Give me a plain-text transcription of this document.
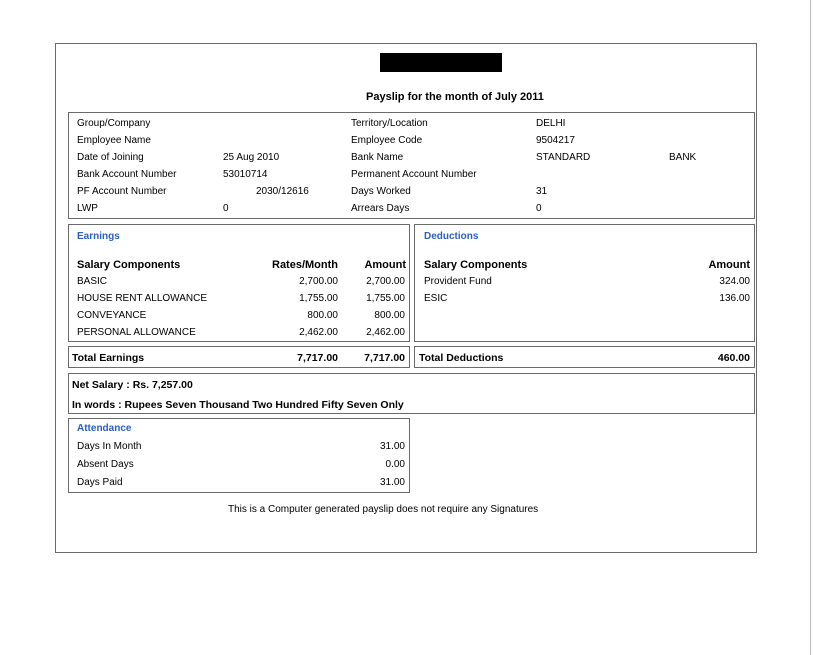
Payslip for the month of July 2011
Group/Company
Employee Name
Date of Joining	25 Aug 2010
Bank Account Number	53010714
PF Account Number	2030/12616
LWP	0
Territory/Location	DELHI
Employee Code	9504217
Bank Name	STANDARD	BANK
Permanent Account Number
Days Worked	31
Arrears Days	0
Earnings
Salary Components	Rates/Month	Amount
BASIC	2,700.00	2,700.00
HOUSE RENT ALLOWANCE	1,755.00	1,755.00
CONVEYANCE	800.00	800.00
PERSONAL ALLOWANCE	2,462.00	2,462.00
Deductions
Salary Components	Amount
Provident Fund	324.00
ESIC	136.00
Total Earnings	7,717.00	7,717.00 Total Deductions	460.00
Net Salary : Rs. 7,257.00
In words : Rupees Seven Thousand Two Hundred Fifty Seven Only
Attendance
Days In Month	31.00
Absent Days	0.00
Days Paid	31.00
This is a Computer generated payslip does not require any Signatures
